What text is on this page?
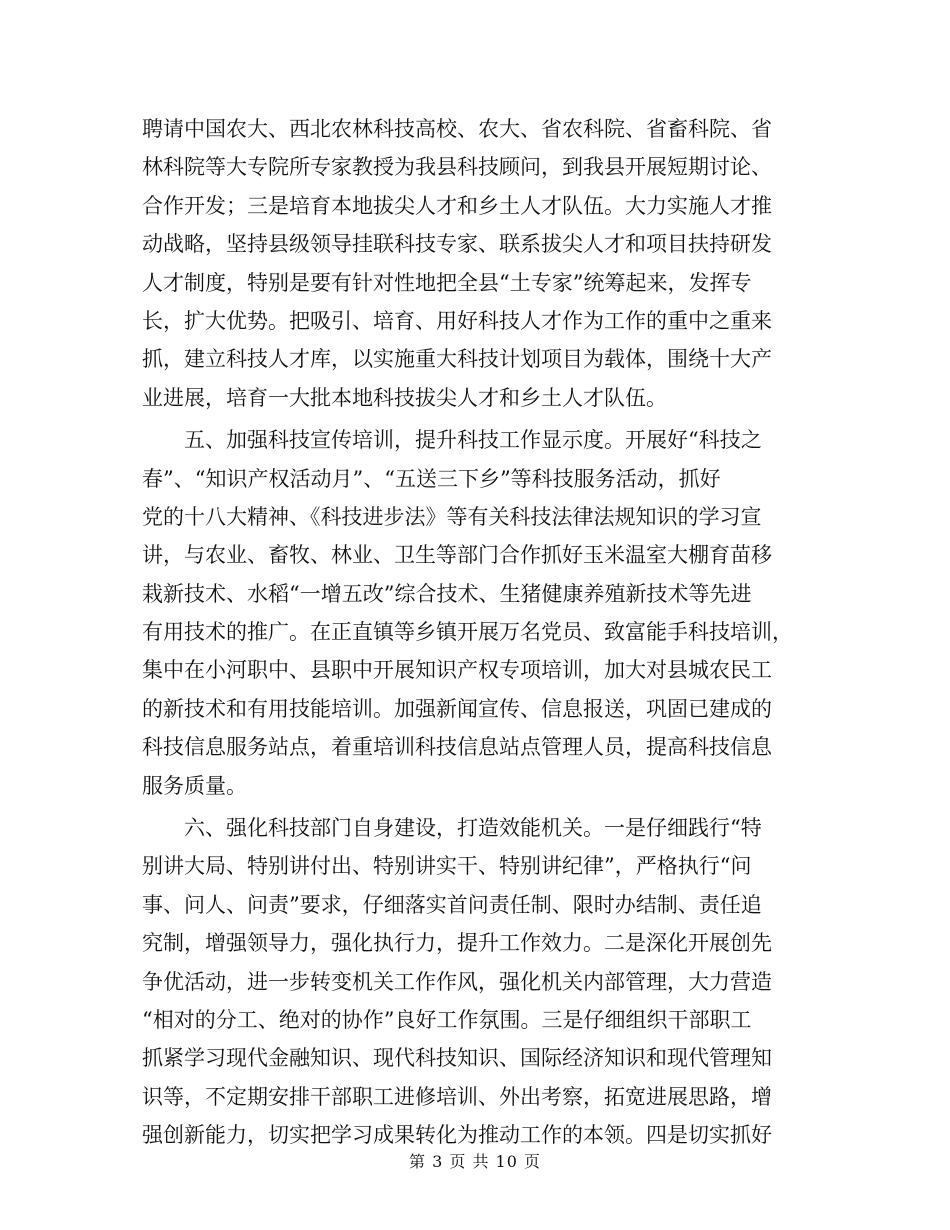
聘请中国农大、西北农林科技高校、农大、省农科院、省畜科院、省
林科院等大专院所专家教授为我县科技顾问，到我县开展短期讨论、
合作开发；三是培育本地拔尖人才和乡土人才队伍。大力实施人才推
动战略，坚持县级领导挂联科技专家、联系拔尖人才和项目扶持研发
人才制度，特别是要有针对性地把全县“土专家”统筹起来，发挥专
长，扩大优势。把吸引、培育、用好科技人才作为工作的重中之重来
抓，建立科技人才库，以实施重大科技计划项目为载体，围绕十大产
业进展，培育一大批本地科技拔尖人才和乡土人才队伍。
五、加强科技宣传培训，提升科技工作显示度。开展好“科技之
春”、“知识产权活动月”、“五送三下乡”等科技服务活动，抓好
党的十八大精神、《科技进步法》等有关科技法律法规知识的学习宣
讲，与农业、畜牧、林业、卫生等部门合作抓好玉米温室大棚育苗移
栽新技术、水稻“一增五改”综合技术、生猪健康养殖新技术等先进
有用技术的推广。在正直镇等乡镇开展万名党员、致富能手科技培训，
集中在小河职中、县职中开展知识产权专项培训，加大对县城农民工
的新技术和有用技能培训。加强新闻宣传、信息报送，巩固已建成的
科技信息服务站点，着重培训科技信息站点管理人员，提高科技信息
服务质量。
六、强化科技部门自身建设，打造效能机关。一是仔细践行“特
别讲大局、特别讲付出、特别讲实干、特别讲纪律”，严格执行“问
事、问人、问责”要求，仔细落实首问责任制、限时办结制、责任追
究制，增强领导力，强化执行力，提升工作效力。二是深化开展创先
争优活动，进一步转变机关工作作风，强化机关内部管理，大力营造
“相对的分工、绝对的协作”良好工作氛围。三是仔细组织干部职工
抓紧学习现代金融知识、现代科技知识、国际经济知识和现代管理知
识等，不定期安排干部职工进修培训、外出考察，拓宽进展思路，增
强创新能力，切实把学习成果转化为推动工作的本领。四是切实抓好
第 3 页 共 10 页
